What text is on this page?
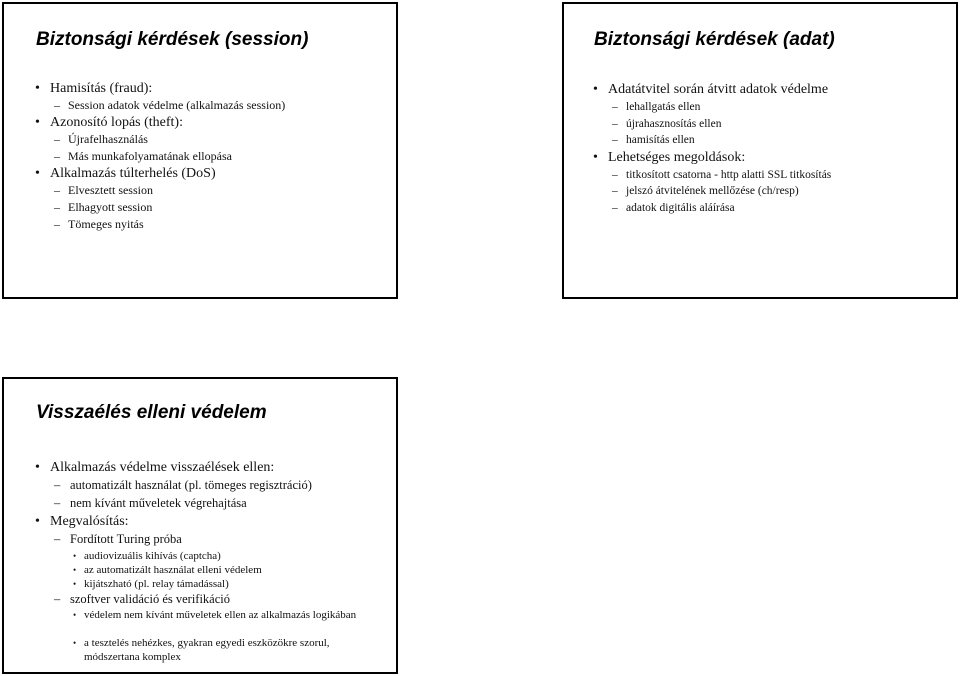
Biztonsági kérdések (session)
• Hamisítás (fraud):
– Session adatok védelme (alkalmazás session)
• Azonosító lopás (theft):
– Újrafelhasználás
– Más munkafolyamatának ellopása
• Alkalmazás túlterhelés (DoS)
– Elvesztett session
– Elhagyott session
– Tömeges nyitás
Biztonsági kérdések (adat)
• Adatátvitel során átvitt adatok védelme
– lehallgatás ellen
– újrahasznosítás ellen
– hamisítás ellen
• Lehetséges megoldások:
– titkosított csatorna - http alatti SSL titkosítás
– jelszó átvitelének mellőzése (ch/resp)
– adatok digitális aláírása
Visszaélés elleni védelem
• Alkalmazás védelme visszaélések ellen:
– automatizált használat (pl. tömeges regisztráció)
– nem kívánt műveletek végrehajtása
• Megvalósítás:
– Fordított Turing próba
• audiovizuális kihívás (captcha)
• az automatizált használat elleni védelem
• kijátszható (pl. relay támadással)
– szoftver validáció és verifikáció
• védelem nem kívánt műveletek ellen az alkalmazás logikában
• a tesztelés nehézkes, gyakran egyedi eszközökre szorul, módszertana komplex
